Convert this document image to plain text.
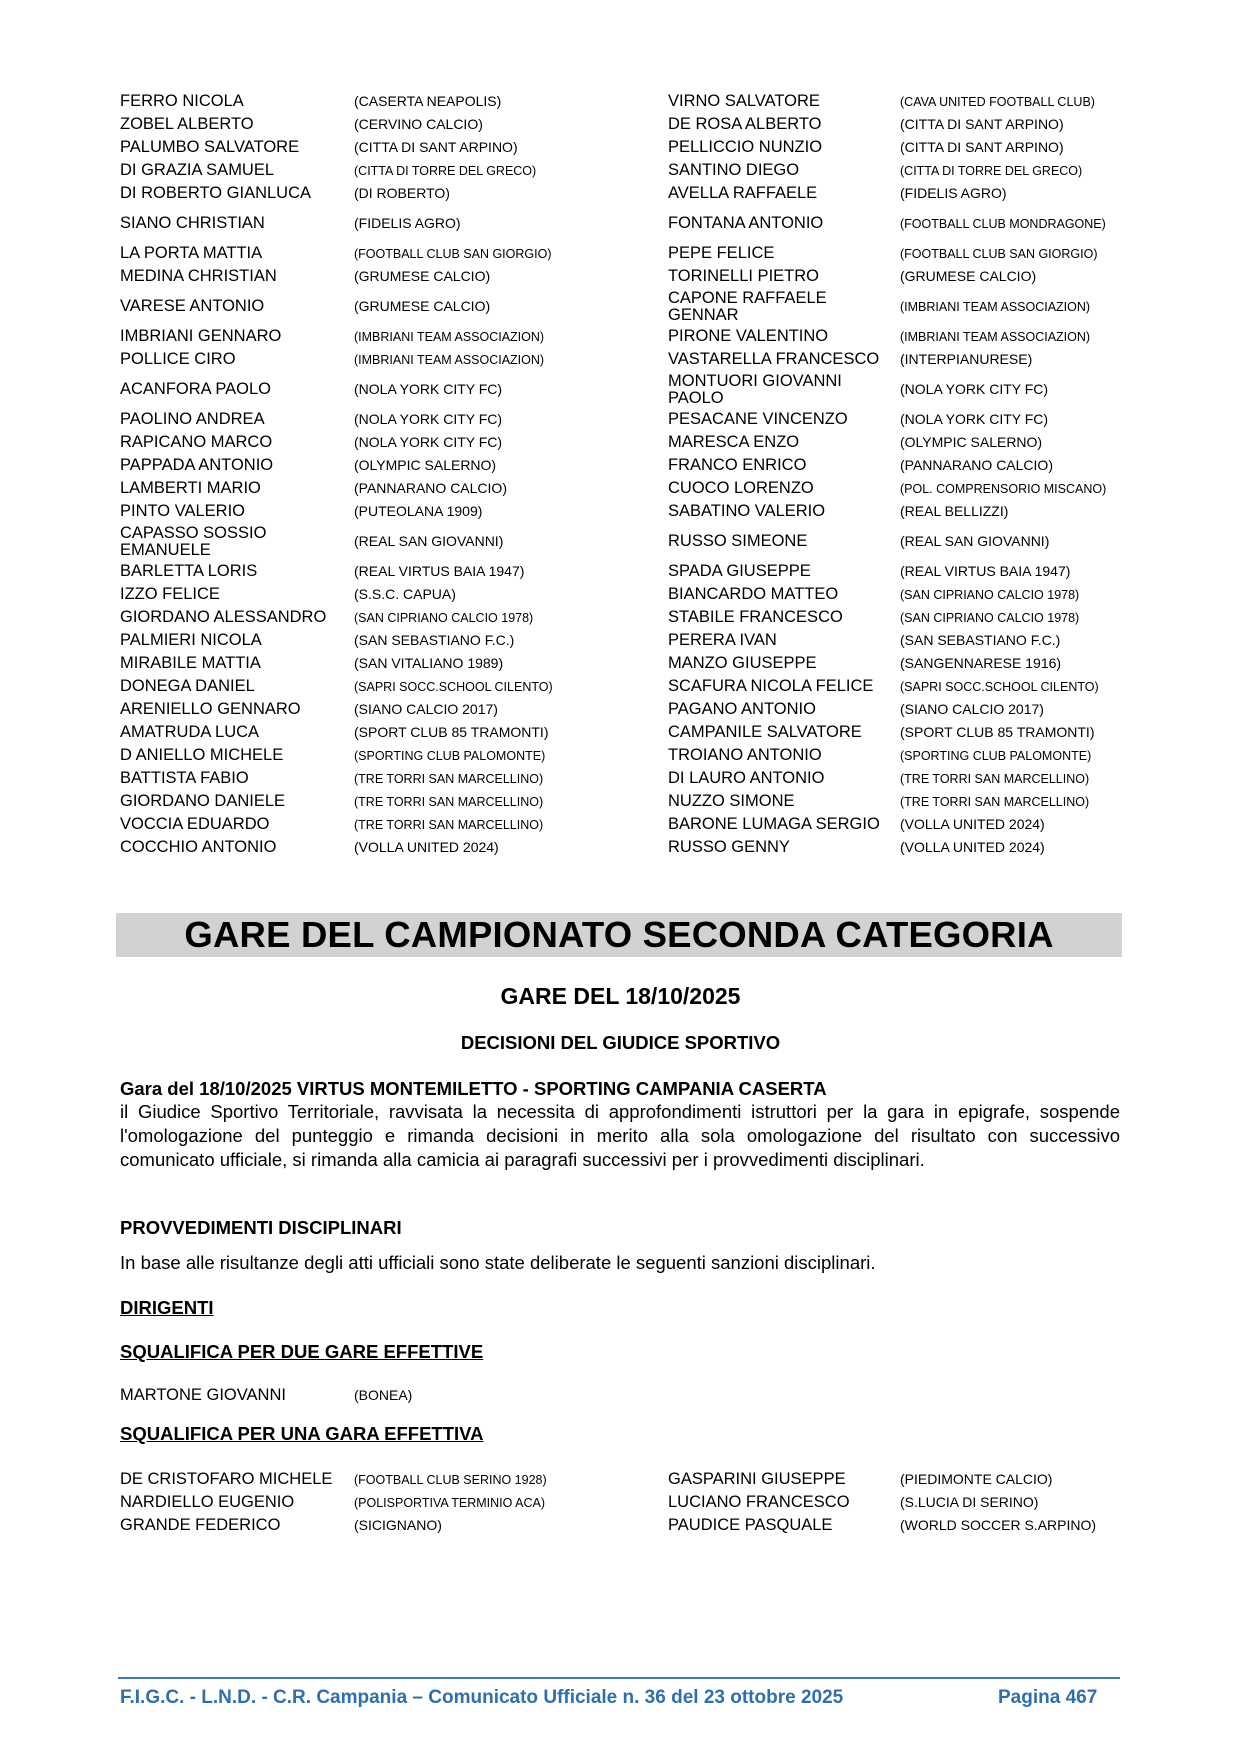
FERRO NICOLA	(CASERTA NEAPOLIS)	VIRNO SALVATORE	(CAVA UNITED FOOTBALL CLUB)
ZOBEL ALBERTO	(CERVINO CALCIO)	DE ROSA ALBERTO	(CITTA DI SANT ARPINO)
PALUMBO SALVATORE	(CITTA DI SANT ARPINO)	PELLICCIO NUNZIO	(CITTA DI SANT ARPINO)
DI GRAZIA SAMUEL	(CITTA DI TORRE DEL GRECO)	SANTINO DIEGO	(CITTA DI TORRE DEL GRECO)
DI ROBERTO GIANLUCA	(DI ROBERTO)	AVELLA RAFFAELE	(FIDELIS AGRO)
SIANO CHRISTIAN	(FIDELIS AGRO)	FONTANA ANTONIO	(FOOTBALL CLUB MONDRAGONE)
LA PORTA MATTIA	(FOOTBALL CLUB SAN GIORGIO)	PEPE FELICE	(FOOTBALL CLUB SAN GIORGIO)
MEDINA CHRISTIAN	(GRUMESE CALCIO)	TORINELLI PIETRO	(GRUMESE CALCIO)
VARESE ANTONIO	(GRUMESE CALCIO)	CAPONE RAFFAELE GENNAR	(IMBRIANI TEAM ASSOCIAZION)
IMBRIANI GENNARO	(IMBRIANI TEAM ASSOCIAZION)	PIRONE VALENTINO	(IMBRIANI TEAM ASSOCIAZION)
POLLICE CIRO	(IMBRIANI TEAM ASSOCIAZION)	VASTARELLA FRANCESCO	(INTERPIANURESE)
ACANFORA PAOLO	(NOLA YORK CITY FC)	MONTUORI GIOVANNI PAOLO	(NOLA YORK CITY FC)
PAOLINO ANDREA	(NOLA YORK CITY FC)	PESACANE VINCENZO	(NOLA YORK CITY FC)
RAPICANO MARCO	(NOLA YORK CITY FC)	MARESCA ENZO	(OLYMPIC SALERNO)
PAPPADA ANTONIO	(OLYMPIC SALERNO)	FRANCO ENRICO	(PANNARANO CALCIO)
LAMBERTI MARIO	(PANNARANO CALCIO)	CUOCO LORENZO	(POL. COMPRENSORIO MISCANO)
PINTO VALERIO	(PUTEOLANA 1909)	SABATINO VALERIO	(REAL BELLIZZI)
CAPASSO SOSSIO EMANUELE	(REAL SAN GIOVANNI)	RUSSO SIMEONE	(REAL SAN GIOVANNI)
BARLETTA LORIS	(REAL VIRTUS BAIA 1947)	SPADA GIUSEPPE	(REAL VIRTUS BAIA 1947)
IZZO FELICE	(S.S.C. CAPUA)	BIANCARDO MATTEO	(SAN CIPRIANO CALCIO 1978)
GIORDANO ALESSANDRO	(SAN CIPRIANO CALCIO 1978)	STABILE FRANCESCO	(SAN CIPRIANO CALCIO 1978)
PALMIERI NICOLA	(SAN SEBASTIANO F.C.)	PERERA IVAN	(SAN SEBASTIANO F.C.)
MIRABILE MATTIA	(SAN VITALIANO 1989)	MANZO GIUSEPPE	(SANGENNARESE 1916)
DONEGA DANIEL	(SAPRI SOCC.SCHOOL CILENTO)	SCAFURA NICOLA FELICE	(SAPRI SOCC.SCHOOL CILENTO)
ARENIELLO GENNARO	(SIANO CALCIO 2017)	PAGANO ANTONIO	(SIANO CALCIO 2017)
AMATRUDA LUCA	(SPORT CLUB 85 TRAMONTI)	CAMPANILE SALVATORE	(SPORT CLUB 85 TRAMONTI)
D ANIELLO MICHELE	(SPORTING CLUB PALOMONTE)	TROIANO ANTONIO	(SPORTING CLUB PALOMONTE)
BATTISTA FABIO	(TRE TORRI SAN MARCELLINO)	DI LAURO ANTONIO	(TRE TORRI SAN MARCELLINO)
GIORDANO DANIELE	(TRE TORRI SAN MARCELLINO)	NUZZO SIMONE	(TRE TORRI SAN MARCELLINO)
VOCCIA EDUARDO	(TRE TORRI SAN MARCELLINO)	BARONE LUMAGA SERGIO	(VOLLA UNITED 2024)
COCCHIO ANTONIO	(VOLLA UNITED 2024)	RUSSO GENNY	(VOLLA UNITED 2024)
GARE DEL CAMPIONATO SECONDA CATEGORIA
GARE DEL 18/10/2025
DECISIONI DEL GIUDICE SPORTIVO
Gara del 18/10/2025 VIRTUS MONTEMILETTO - SPORTING CAMPANIA CASERTA
il Giudice Sportivo Territoriale, ravvisata la necessita di approfondimenti istruttori per la gara in epigrafe, sospende l'omologazione del punteggio e rimanda decisioni in merito alla sola omologazione del risultato con successivo comunicato ufficiale, si rimanda alla camicia ai paragrafi successivi per i provvedimenti disciplinari.
PROVVEDIMENTI DISCIPLINARI
In base alle risultanze degli atti ufficiali sono state deliberate le seguenti sanzioni disciplinari.
DIRIGENTI
SQUALIFICA PER DUE GARE EFFETTIVE
MARTONE GIOVANNI	(BONEA)		
SQUALIFICA PER UNA GARA EFFETTIVA
DE CRISTOFARO MICHELE	(FOOTBALL CLUB SERINO 1928)	GASPARINI GIUSEPPE	(PIEDIMONTE CALCIO)
NARDIELLO EUGENIO	(POLISPORTIVA TERMINIO ACA)	LUCIANO FRANCESCO	(S.LUCIA DI SERINO)
GRANDE FEDERICO	(SICIGNANO)	PAUDICE PASQUALE	(WORLD SOCCER S.ARPINO)
F.I.G.C. - L.N.D. - C.R. Campania – Comunicato Ufficiale n. 36 del 23 ottobre 2025	Pagina 467
